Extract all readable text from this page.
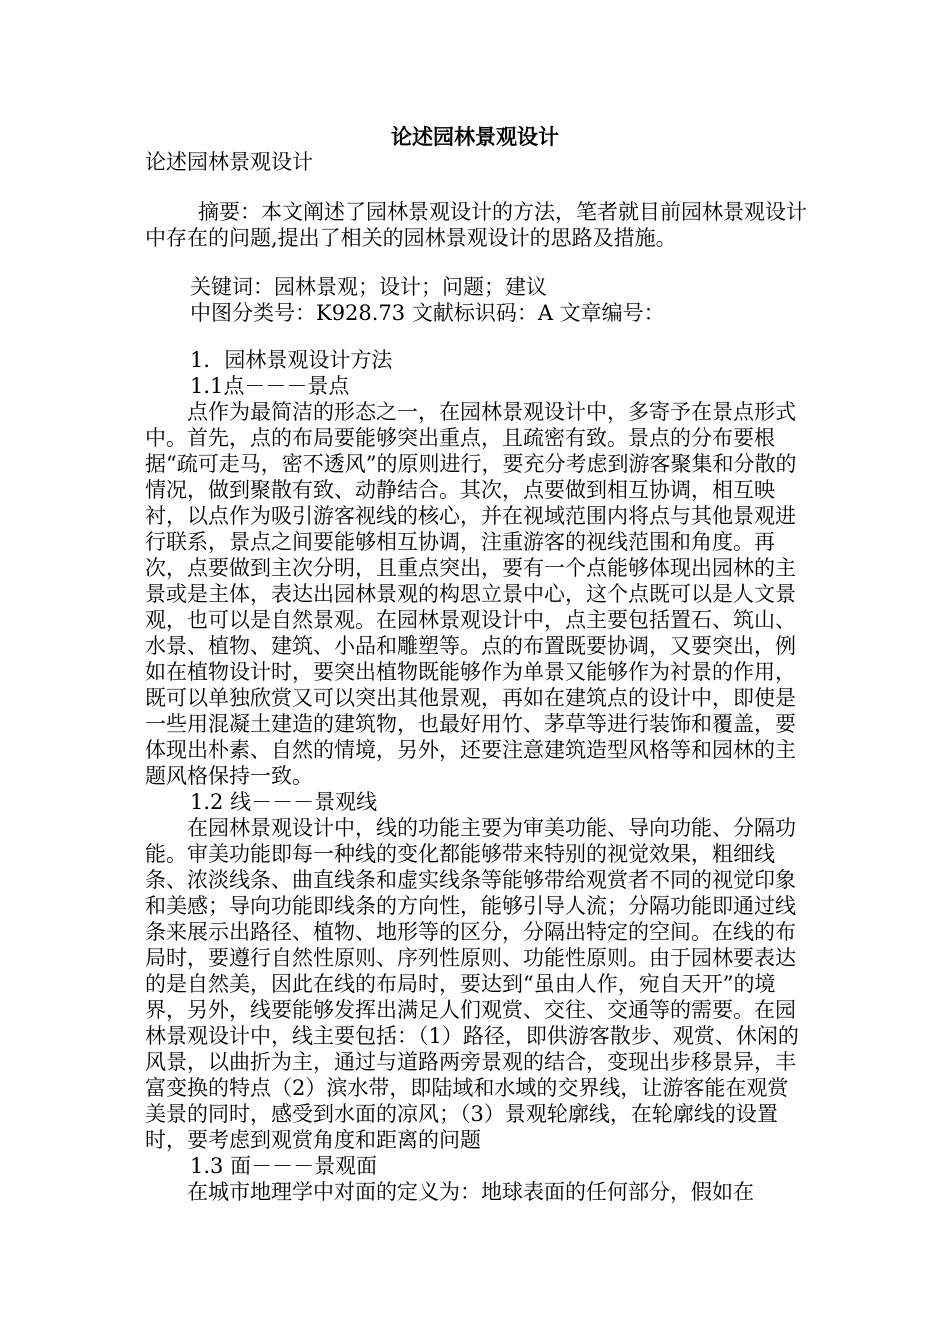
论述园林景观设计

论述园林景观设计

摘要：本文阐述了园林景观设计的方法，笔者就目前园林景观设计中存在的问题,提出了相关的园林景观设计的思路及措施。

关键词：园林景观；设计；问题；建议

中图分类号：K928.73 文献标识码：A 文章编号：

1．园林景观设计方法

1.1点－－－景点

点作为最简洁的形态之一，在园林景观设计中，多寄予在景点形式中。首先，点的布局要能够突出重点，且疏密有致。景点的分布要根据“疏可走马，密不透风”的原则进行，要充分考虑到游客聚集和分散的情况，做到聚散有致、动静结合。其次，点要做到相互协调，相互映衬，以点作为吸引游客视线的核心，并在视域范围内将点与其他景观进行联系，景点之间要能够相互协调，注重游客的视线范围和角度。再次，点要做到主次分明，且重点突出，要有一个点能够体现出园林的主景或是主体，表达出园林景观的构思立景中心，这个点既可以是人文景观，也可以是自然景观。在园林景观设计中，点主要包括置石、筑山、水景、植物、建筑、小品和雕塑等。点的布置既要协调，又要突出，例如在植物设计时，要突出植物既能够作为单景又能够作为衬景的作用，既可以单独欣赏又可以突出其他景观，再如在建筑点的设计中，即使是一些用混凝土建造的建筑物，也最好用竹、茅草等进行装饰和覆盖，要体现出朴素、自然的情境，另外，还要注意建筑造型风格等和园林的主题风格保持一致。

1.2 线－－－景观线

在园林景观设计中，线的功能主要为审美功能、导向功能、分隔功能。审美功能即每一种线的变化都能够带来特别的视觉效果，粗细线条、浓淡线条、曲直线条和虚实线条等能够带给观赏者不同的视觉印象和美感；导向功能即线条的方向性，能够引导人流；分隔功能即通过线条来展示出路径、植物、地形等的区分，分隔出特定的空间。在线的布局时，要遵行自然性原则、序列性原则、功能性原则。由于园林要表达的是自然美，因此在线的布局时，要达到“虽由人作，宛自天开”的境界，另外，线要能够发挥出满足人们观赏、交往、交通等的需要。在园林景观设计中，线主要包括：（1）路径，即供游客散步、观赏、休闲的风景，以曲折为主，通过与道路两旁景观的结合，变现出步移景异，丰富变换的特点（2）滨水带，即陆域和水域的交界线，让游客能在观赏美景的同时，感受到水面的凉风；（3）景观轮廓线，在轮廓线的设置时，要考虑到观赏角度和距离的问题

1.3 面－－－景观面

在城市地理学中对面的定义为：地球表面的任何部分，假如在
